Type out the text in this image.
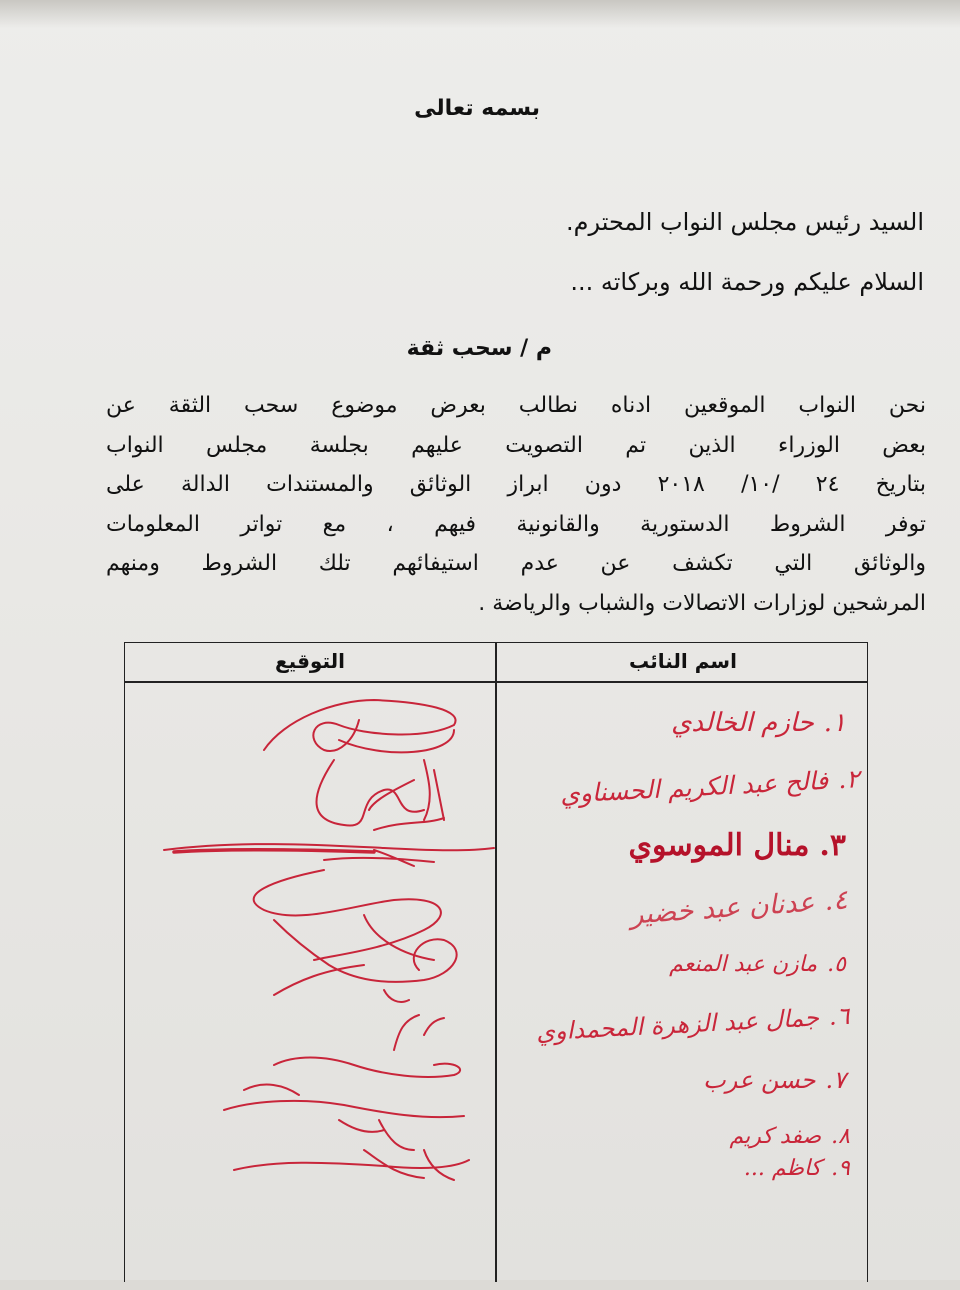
بسمه تعالى
السيد رئيس مجلس النواب المحترم.
السلام عليكم ورحمة الله وبركاته ...
م / سحب ثقة
نحن النواب الموقعين ادناه نطالب بعرض موضوع سحب الثقة عن
بعض الوزراء الذين تم التصويت عليهم بجلسة مجلس النواب
بتاريخ ٢٤ /١٠/ ٢٠١٨ دون ابراز الوثائق والمستندات الدالة على
توفر الشروط الدستورية والقانونية فيهم ، مع تواتر المعلومات
والوثائق التي تكشف عن عدم استيفائهم تلك الشروط ومنهم
المرشحين لوزارات الاتصالات والشباب والرياضة .
اسم النائب
التوقيع
١.حازم الخالدي
٢.فالح عبد الكريم الحسناوي
٣.منال الموسوي
٤.عدنان عبد خضير
٥.مازن عبد المنعم
٦.جمال عبد الزهرة المحمداوي
٧.حسن عرب
٨.صفد كريم
٩.كاظم ...
